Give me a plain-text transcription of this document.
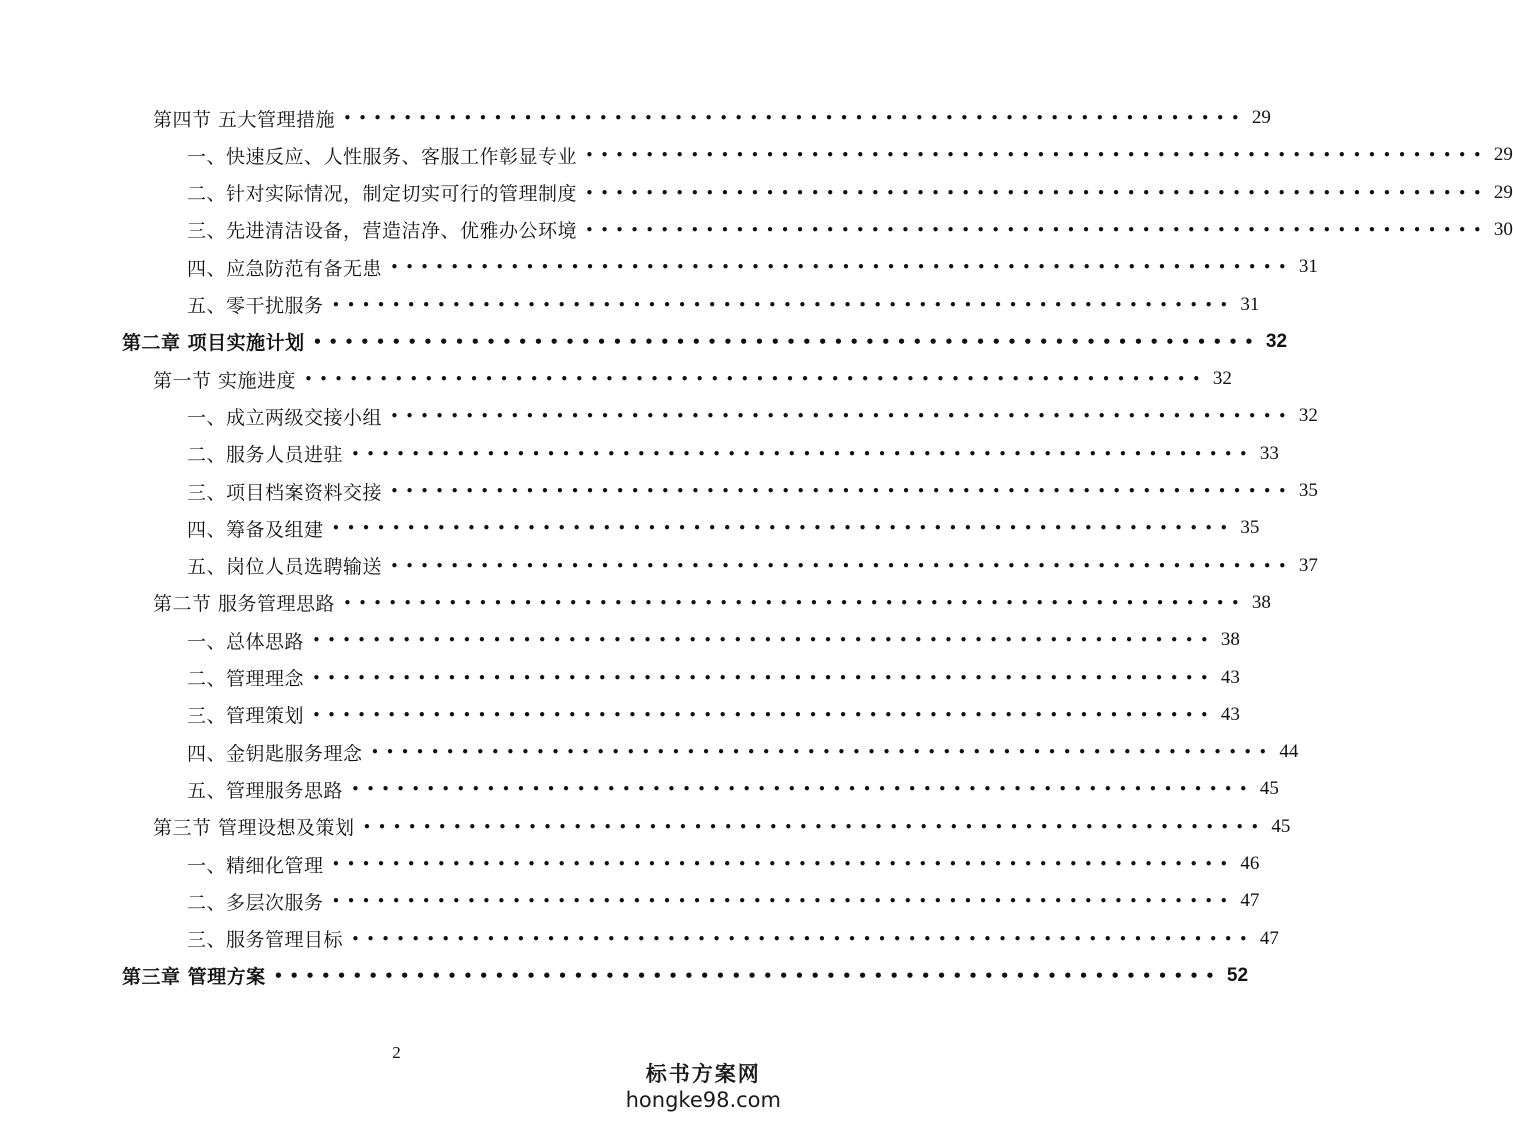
第四节 五大管理措施 •••••••••••••••••••••••••••••••••••••••••••••••••••••••••••• 29
一、快速反应、人性服务、客服工作彰显专业 •••••••••••••••••••••••••••••••••••••••••••••••••••••••••••• 29
二、针对实际情况，制定切实可行的管理制度 •••••••••••••••••••••••••••••••••••••••••••••••••••••••••••• 29
三、先进清洁设备，营造洁净、优雅办公环境 •••••••••••••••••••••••••••••••••••••••••••••••••••••••••••• 30
四、应急防范有备无患 •••••••••••••••••••••••••••••••••••••••••••••••••••••••••••• 31
五、零干扰服务 •••••••••••••••••••••••••••••••••••••••••••••••••••••••••••• 31
第二章 项目实施计划 •••••••••••••••••••••••••••••••••••••••••••••••••••••••••••• 32
第一节 实施进度 •••••••••••••••••••••••••••••••••••••••••••••••••••••••••••• 32
一、成立两级交接小组 •••••••••••••••••••••••••••••••••••••••••••••••••••••••••••• 32
二、服务人员进驻 •••••••••••••••••••••••••••••••••••••••••••••••••••••••••••• 33
三、项目档案资料交接 •••••••••••••••••••••••••••••••••••••••••••••••••••••••••••• 35
四、筹备及组建 •••••••••••••••••••••••••••••••••••••••••••••••••••••••••••• 35
五、岗位人员选聘输送 •••••••••••••••••••••••••••••••••••••••••••••••••••••••••••• 37
第二节 服务管理思路 •••••••••••••••••••••••••••••••••••••••••••••••••••••••••••• 38
一、总体思路 •••••••••••••••••••••••••••••••••••••••••••••••••••••••••••• 38
二、管理理念 •••••••••••••••••••••••••••••••••••••••••••••••••••••••••••• 43
三、管理策划 •••••••••••••••••••••••••••••••••••••••••••••••••••••••••••• 43
四、金钥匙服务理念 •••••••••••••••••••••••••••••••••••••••••••••••••••••••••••• 44
五、管理服务思路 •••••••••••••••••••••••••••••••••••••••••••••••••••••••••••• 45
第三节 管理设想及策划 •••••••••••••••••••••••••••••••••••••••••••••••••••••••••••• 45
一、精细化管理 •••••••••••••••••••••••••••••••••••••••••••••••••••••••••••• 46
二、多层次服务 •••••••••••••••••••••••••••••••••••••••••••••••••••••••••••• 47
三、服务管理目标 •••••••••••••••••••••••••••••••••••••••••••••••••••••••••••• 47
第三章 管理方案 •••••••••••••••••••••••••••••••••••••••••••••••••••••••••••• 52
2
标书方案网
hongke98.com
